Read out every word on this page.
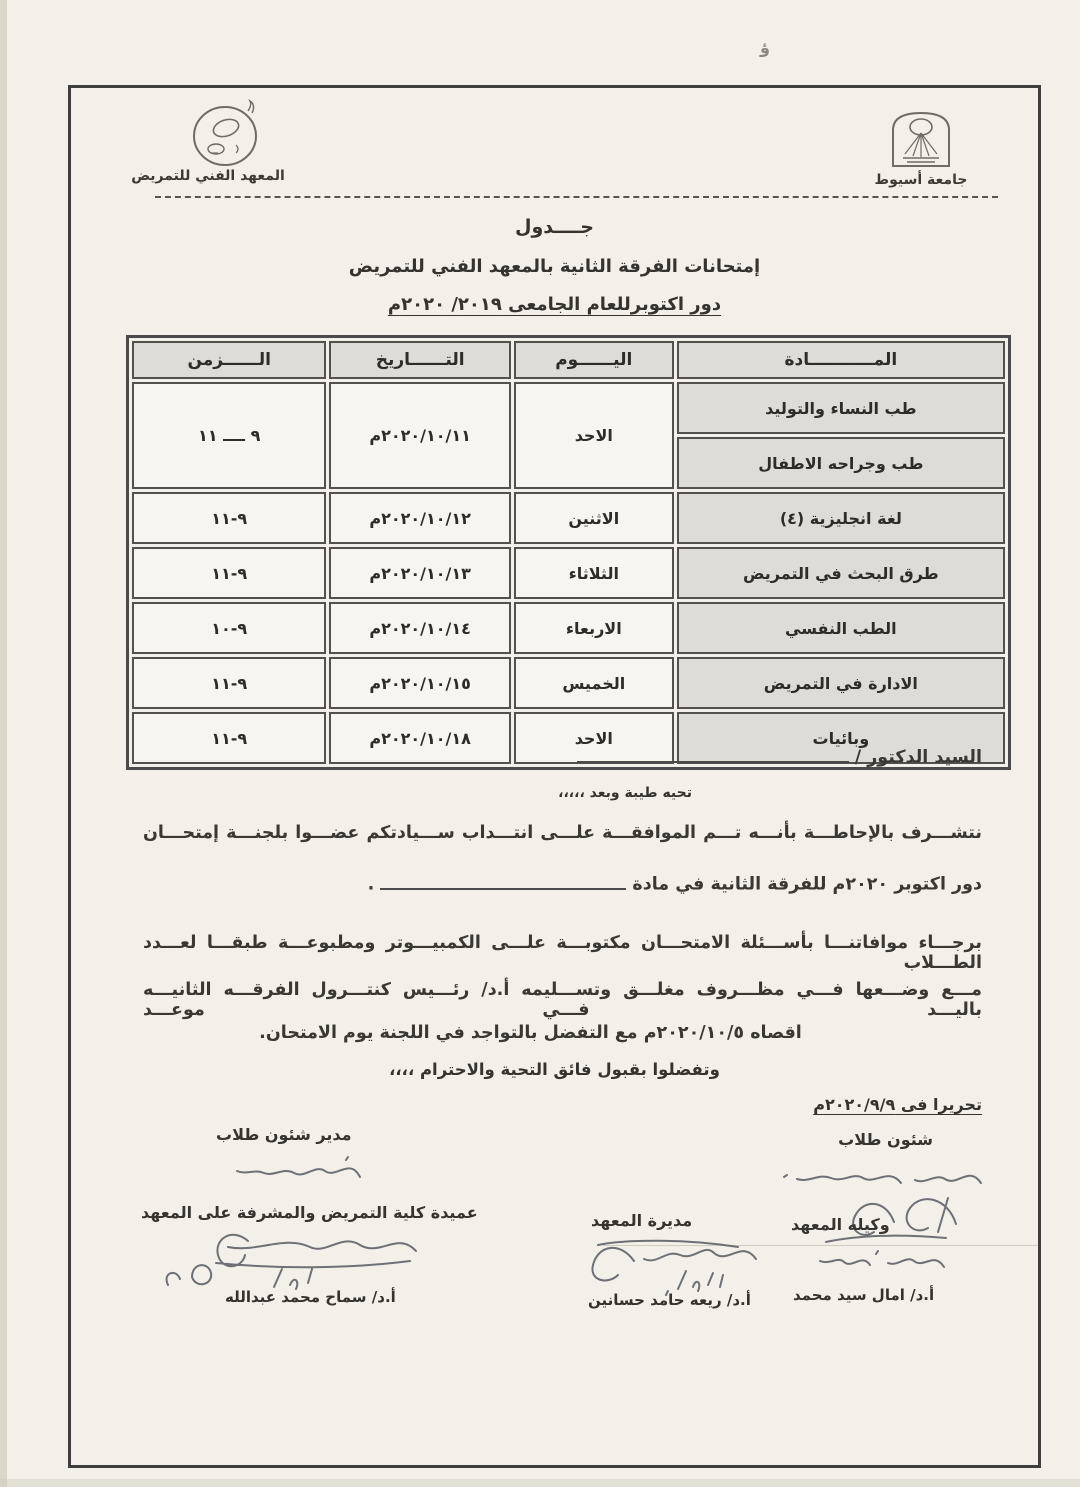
ؤ
جامعة أسيوط
المعهد الفني للتمريض
جــــدول
إمتحانات الفرقة الثانية بالمعهد الفني للتمريض
دور اكتوبرللعام الجامعى ٢٠١٩/ ٢٠٢٠م
المـــــــــــادة	اليــــــوم	التــــــاريخ	الــــــزمن
طب النساء والتوليد	الاحد	٢٠٢٠/١٠/١١م	٩ ــــ ١١
طب وجراحه الاطفال			
لغة انجليزية (٤)	الاثنين	٢٠٢٠/١٠/١٢م	٩-١١
طرق البحث في التمريض	الثلاثاء	٢٠٢٠/١٠/١٣م	٩-١١
الطب النفسي	الاربعاء	٢٠٢٠/١٠/١٤م	٩-١٠
الادارة في التمريض	الخميس	٢٠٢٠/١٠/١٥م	٩-١١
وبائيات	الاحد	٢٠٢٠/١٠/١٨م	٩-١١
السيد الدكتور /
تحيه طيبة وبعد ،،،،،
نتشـــرف بالإحاطـــة بأنـــه تـــم الموافقـــة علـــى انتـــداب ســـيادتكم عضـــوا بلجنـــة إمتحـــان
دور اكتوبر ٢٠٢٠م للفرقة الثانية في مادة  .
برجـــاء موافاتنـــا بأســـئلة الامتحـــان مكتوبـــة علـــى الكمبيـــوتر ومطبوعـــة طبقـــا لعـــدد الطـــلاب
مـــع وضـــعها فـــي مظـــروف مغلـــق وتســـليمه أ.د/ رئـــيس كنتـــرول الفرقـــه الثانيـــه باليـــد فـــي موعـــد
اقصاه ٢٠٢٠/١٠/٥م مع التفضل بالتواجد في اللجنة يوم الامتحان.
وتفضلوا بقبول فائق التحية والاحترام ،،،،
تحريرا فى ٢٠٢٠/٩/٩م
شئون طلاب
وكيله المعهد
أ.د/ امال سيد محمد
مديرة المعهد
أ.د/ ريعه حامد حسانين
مدير شئون طلاب
عميدة كلية التمريض والمشرفة على المعهد
أ.د/ سماح محمد عبدالله
